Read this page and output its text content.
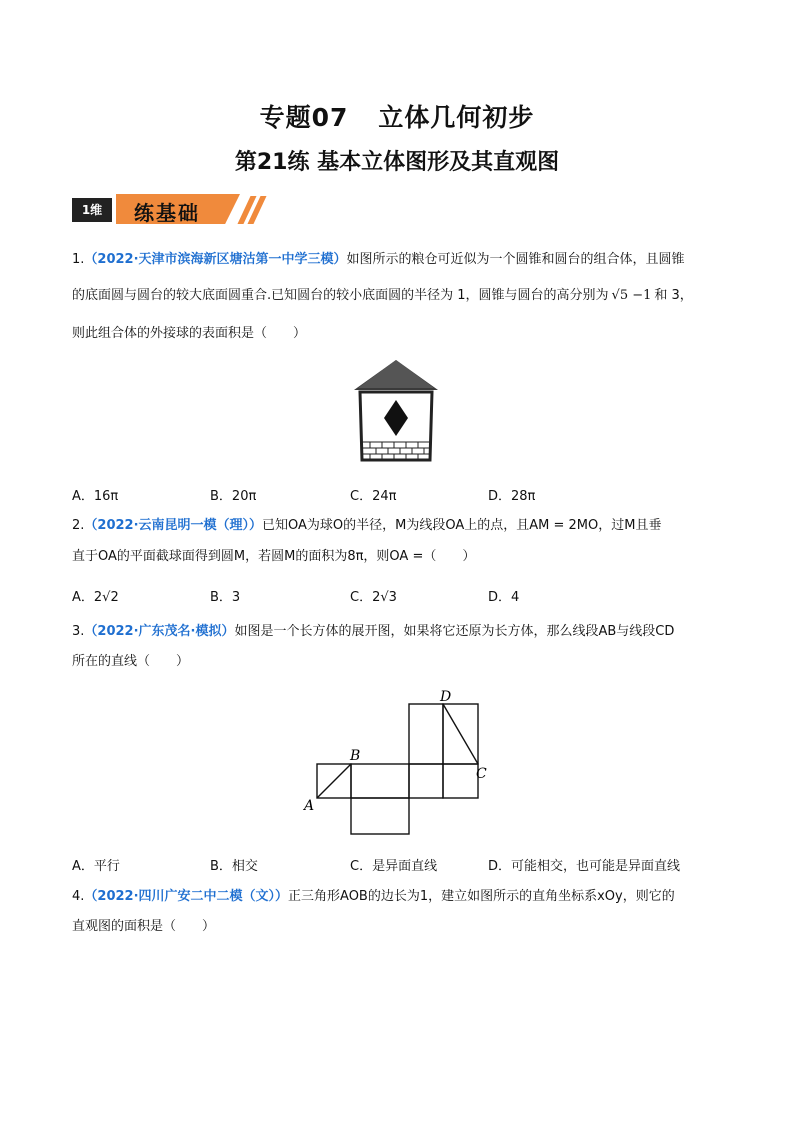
专题07 立体几何初步
第21练 基本立体图形及其直观图
1维	练基础
1.（2022·天津市滨海新区塘沽第一中学三模）如图所示的粮仓可近似为一个圆锥和圆台的组合体，且圆锥
的底面圆与圆台的较大底面圆重合.已知圆台的较小底面圆的半径为 1，圆锥与圆台的高分别为 √5 −1 和 3，
则此组合体的外接球的表面积是（　　）
A．16π	B．20π	C．24π	D．28π
2.（2022·云南昆明一模（理））已知OA为球O的半径，M为线段OA上的点，且AM = 2MO，过M且垂
直于OA的平面截球面得到圆M，若圆M的面积为8π，则OA =（　　）
A．2√2	B．3	C．2√3	D．4
3.（2022·广东茂名·模拟）如图是一个长方体的展开图，如果将它还原为长方体，那么线段AB与线段CD
所在的直线（　　）
A
B
C
D
A．平行	B．相交	C．是异面直线	D．可能相交，也可能是异面直线
4.（2022·四川广安二中二模（文））正三角形AOB的边长为1，建立如图所示的直角坐标系xOy，则它的
直观图的面积是（　　）
